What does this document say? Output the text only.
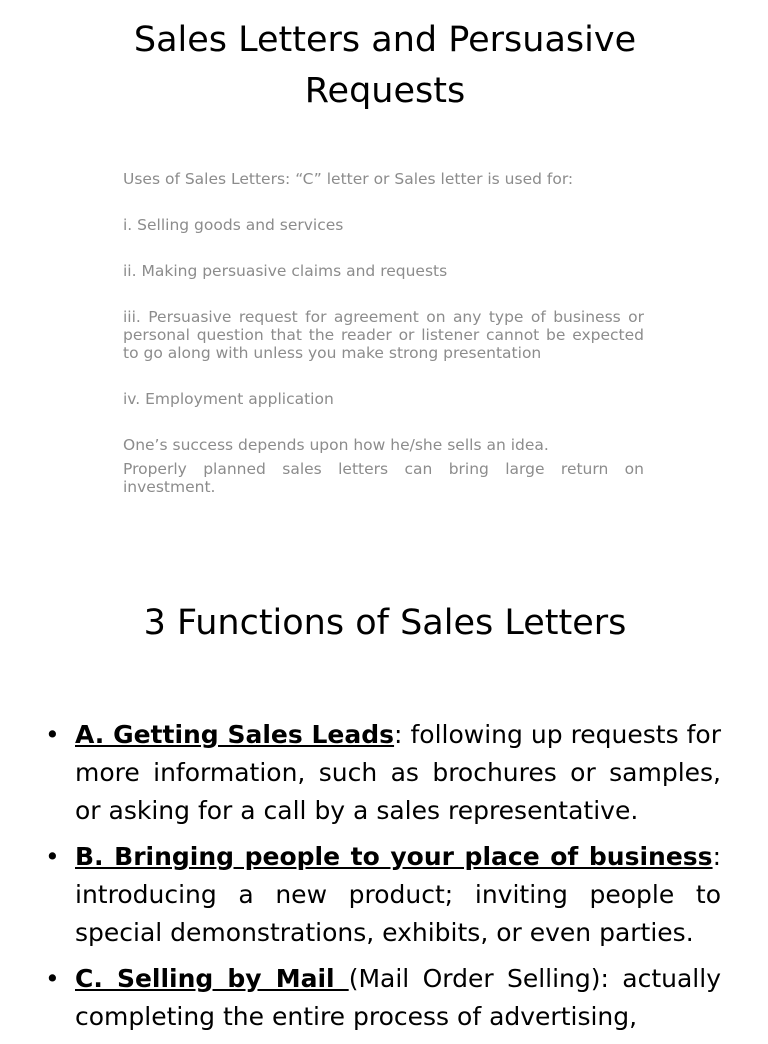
Sales Letters and Persuasive Requests

Uses of Sales Letters: “C” letter or Sales letter is used for:

i. Selling goods and services

ii. Making persuasive claims and requests

iii. Persuasive request for agreement on any type of business or personal question that the reader or listener cannot be expected to go along with unless you make strong presentation

iv. Employment application

One’s success depends upon how he/she sells an idea.

Properly planned sales letters can bring large return on investment.

3 Functions of Sales Letters
• A. Getting Sales Leads: following up requests for more information, such as brochures or samples, or asking for a call by a sales representative.
• B. Bringing people to your place of business: introducing a new product; inviting people to special demonstrations, exhibits, or even parties.
• C. Selling by Mail (Mail Order Selling): actually completing the entire process of advertising,
